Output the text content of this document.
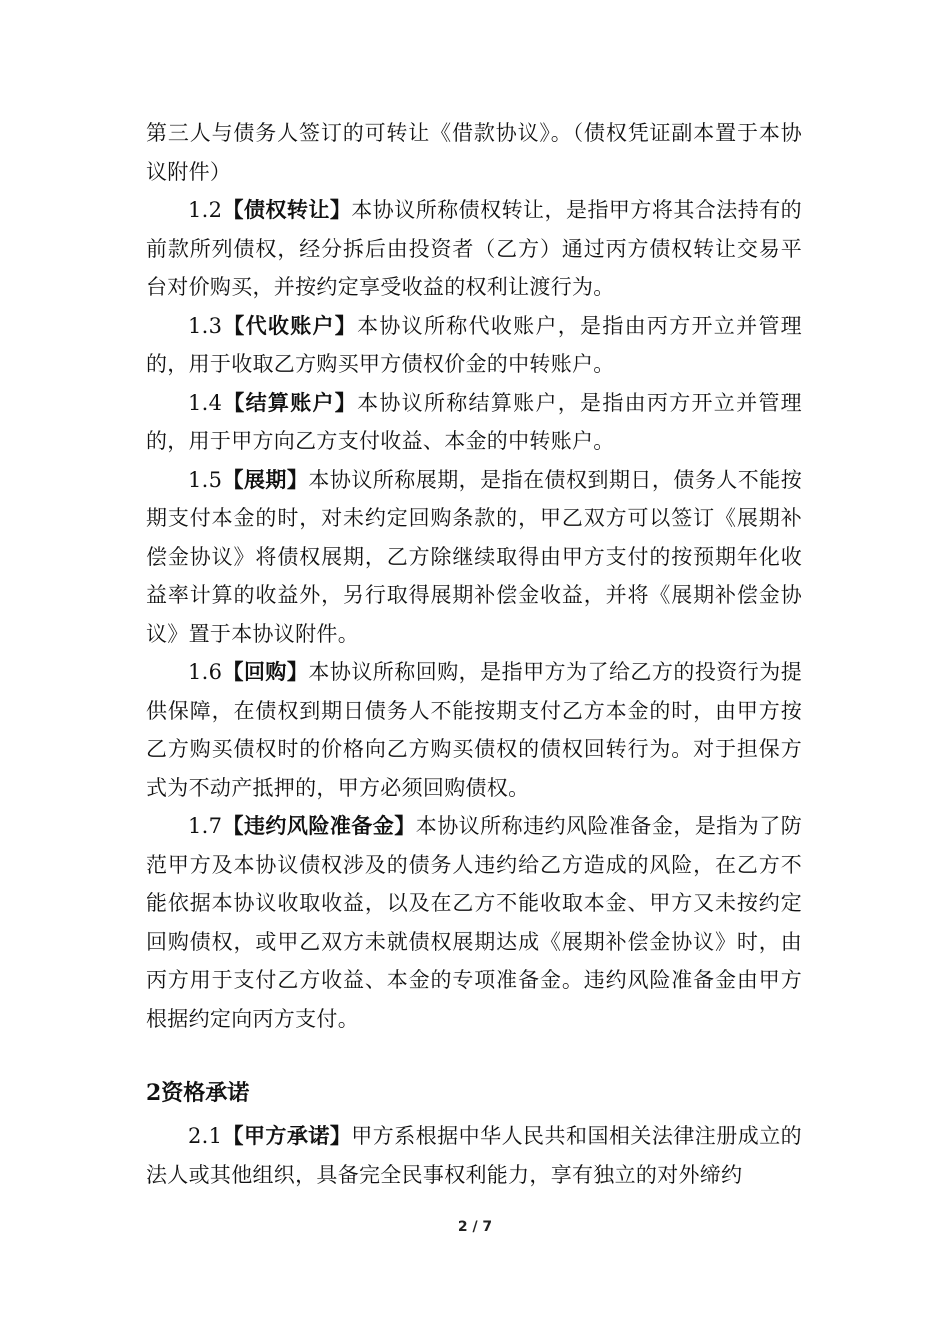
第三人与债务人签订的可转让《借款协议》。（债权凭证副本置于本协议附件）

1.2【债权转让】本协议所称债权转让，是指甲方将其合法持有的前款所列债权，经分拆后由投资者（乙方）通过丙方债权转让交易平台对价购买，并按约定享受收益的权利让渡行为。

1.3【代收账户】本协议所称代收账户，是指由丙方开立并管理的，用于收取乙方购买甲方债权价金的中转账户。

1.4【结算账户】本协议所称结算账户，是指由丙方开立并管理的，用于甲方向乙方支付收益、本金的中转账户。

1.5【展期】本协议所称展期，是指在债权到期日，债务人不能按期支付本金的时，对未约定回购条款的，甲乙双方可以签订《展期补偿金协议》将债权展期，乙方除继续取得由甲方支付的按预期年化收益率计算的收益外，另行取得展期补偿金收益，并将《展期补偿金协议》置于本协议附件。

1.6【回购】本协议所称回购，是指甲方为了给乙方的投资行为提供保障，在债权到期日债务人不能按期支付乙方本金的时，由甲方按乙方购买债权时的价格向乙方购买债权的债权回转行为。对于担保方式为不动产抵押的，甲方必须回购债权。

1.7【违约风险准备金】本协议所称违约风险准备金，是指为了防范甲方及本协议债权涉及的债务人违约给乙方造成的风险，在乙方不能依据本协议收取收益，以及在乙方不能收取本金、甲方又未按约定回购债权，或甲乙双方未就债权展期达成《展期补偿金协议》时，由丙方用于支付乙方收益、本金的专项准备金。违约风险准备金由甲方根据约定向丙方支付。

2资格承诺

2.1【甲方承诺】甲方系根据中华人民共和国相关法律注册成立的法人或其他组织，具备完全民事权利能力，享有独立的对外缔约

2 / 7
